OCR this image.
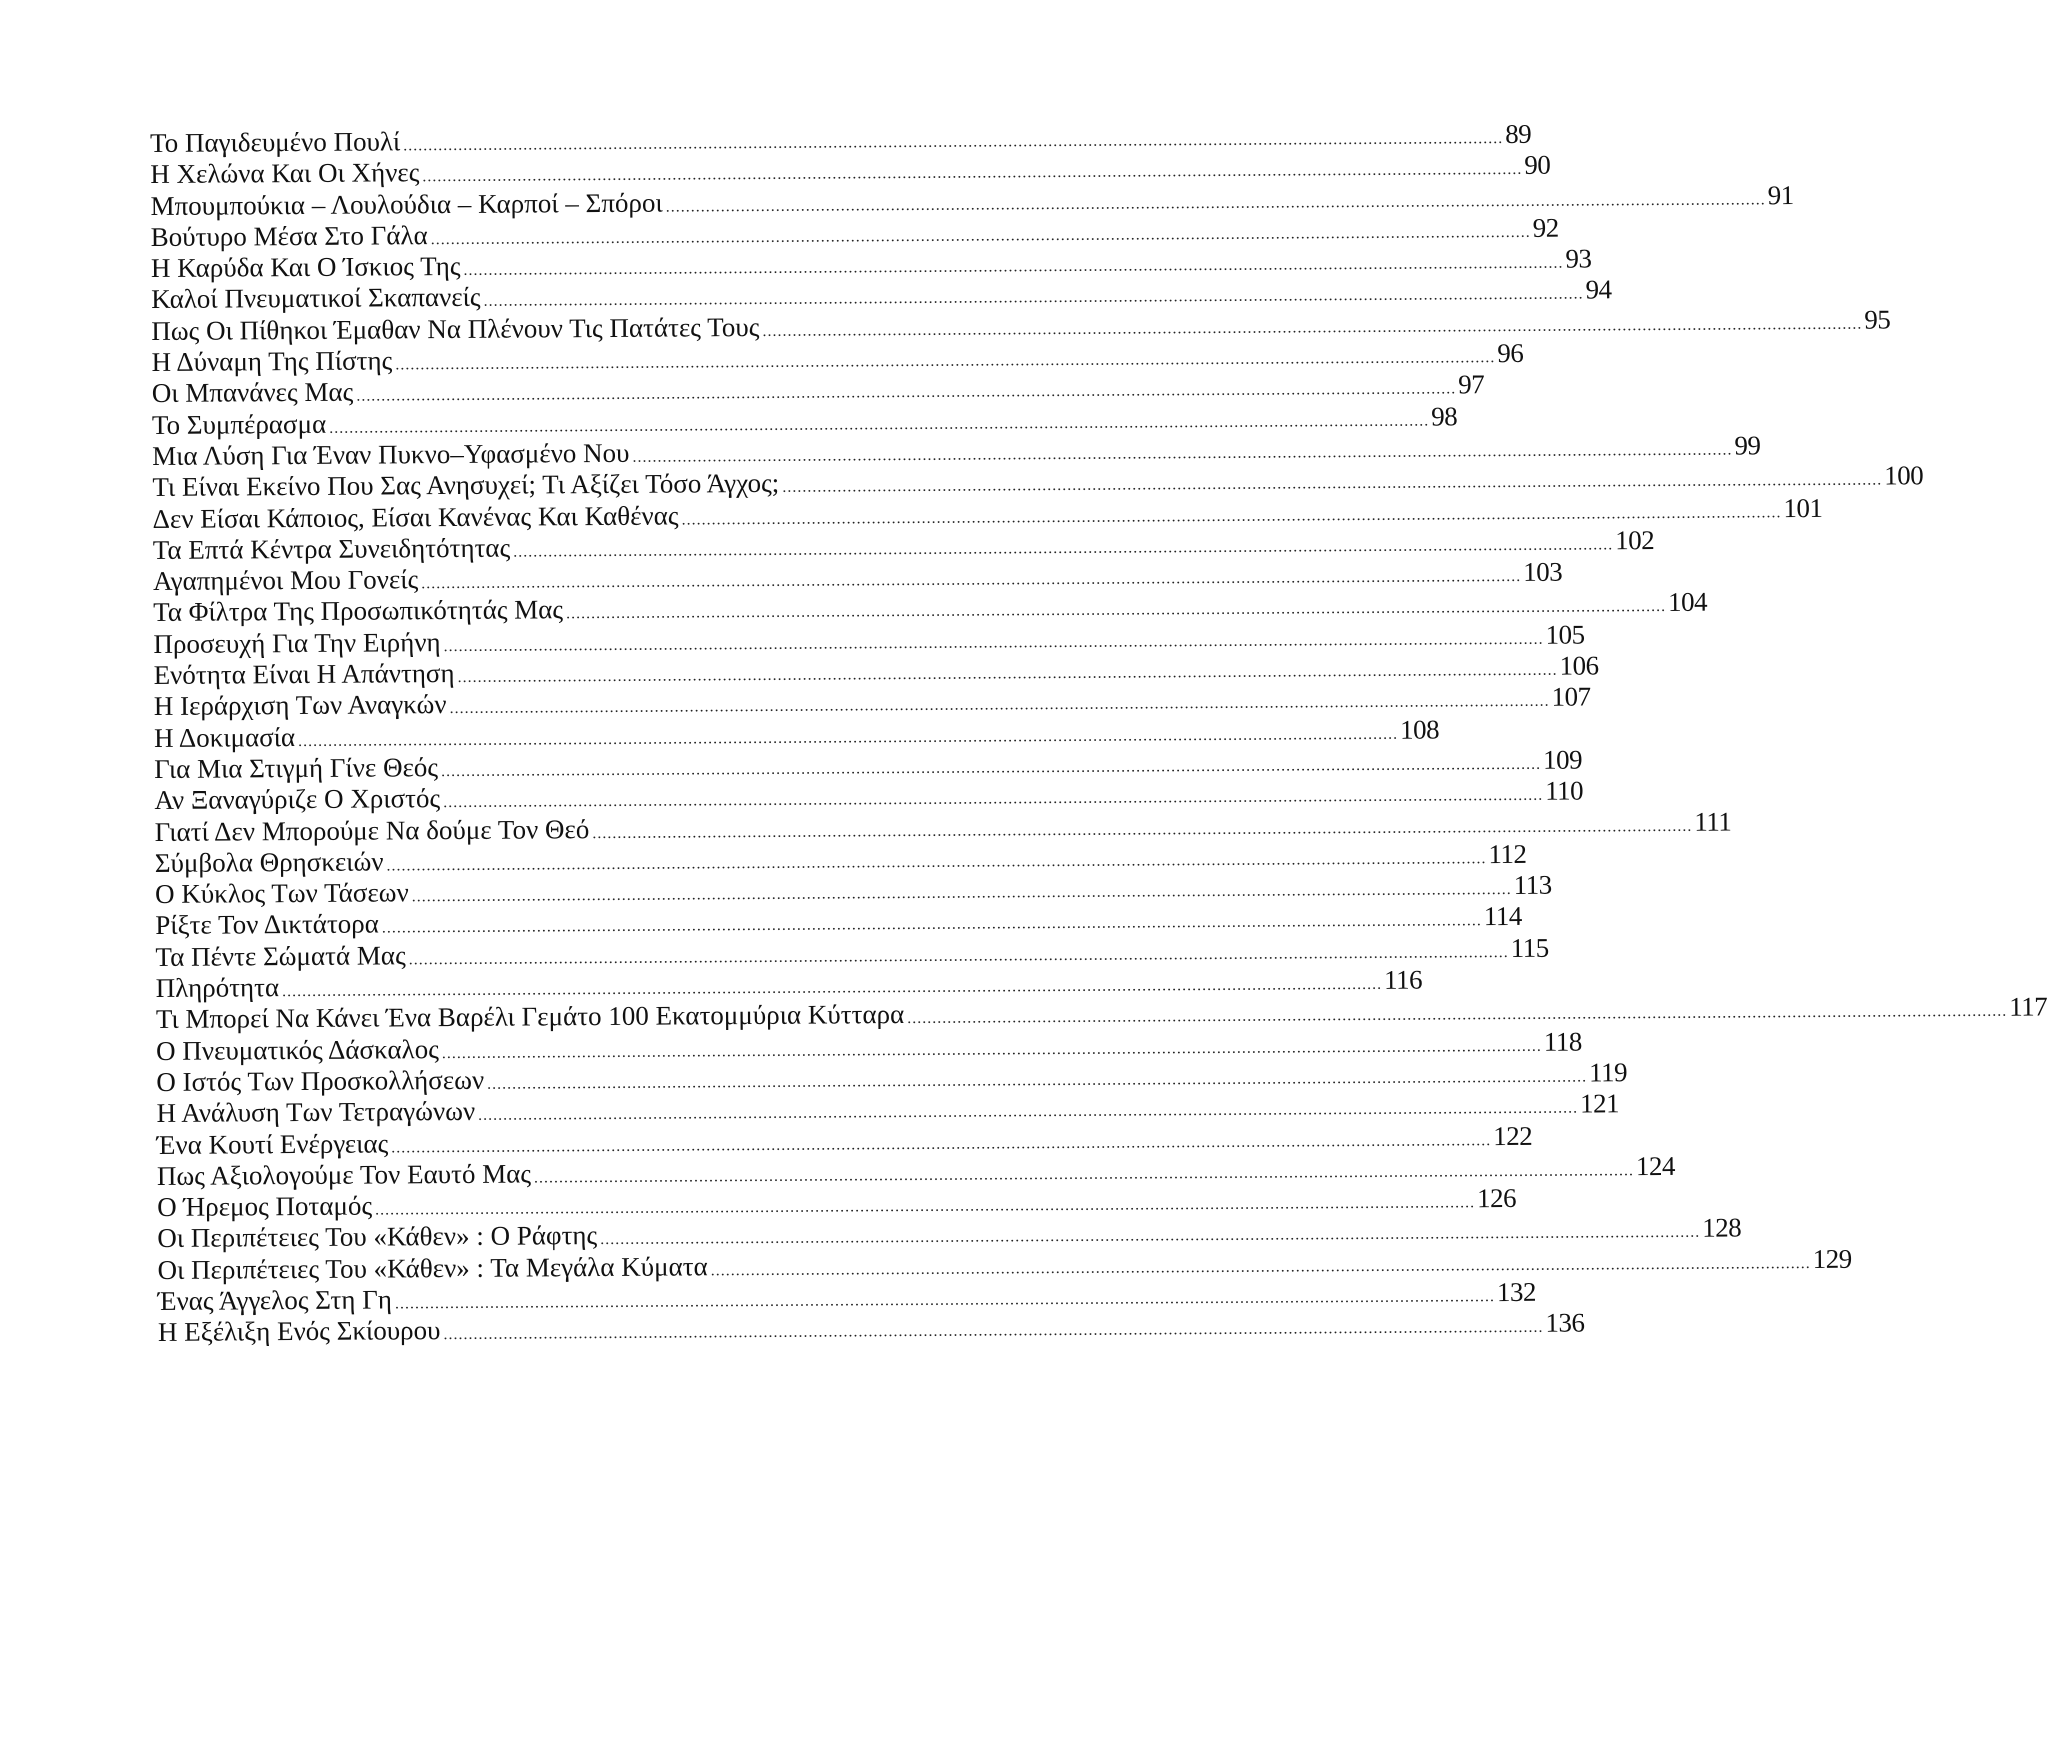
Το Παγιδευμένο Πουλί ............................................................................................................................................................................................................................ 89
Η Χελώνα Και Οι Χήνες ............................................................................................................................................................................................................................ 90
Μπουμπούκια – Λουλούδια – Καρποί – Σπόροι ............................................................................................................................................................................................................................ 91
Βούτυρο Μέσα Στο Γάλα ............................................................................................................................................................................................................................ 92
Η Καρύδα Και Ο Ίσκιος Της ............................................................................................................................................................................................................................ 93
Καλοί Πνευματικοί Σκαπανείς ............................................................................................................................................................................................................................ 94
Πως Οι Πίθηκοι Έμαθαν Να Πλένουν Τις Πατάτες Τους ............................................................................................................................................................................................................................ 95
Η Δύναμη Της Πίστης ............................................................................................................................................................................................................................ 96
Οι Μπανάνες Μας ............................................................................................................................................................................................................................ 97
Το Συμπέρασμα ............................................................................................................................................................................................................................ 98
Μια Λύση Για Έναν Πυκνο–Υφασμένο Νου ............................................................................................................................................................................................................................ 99
Τι Είναι Εκείνο Που Σας Ανησυχεί; Τι Αξίζει Τόσο Άγχος; ............................................................................................................................................................................................................................ 100
Δεν Είσαι Κάποιος, Είσαι Κανένας Και Καθένας ............................................................................................................................................................................................................................ 101
Τα Επτά Κέντρα Συνειδητότητας ............................................................................................................................................................................................................................ 102
Αγαπημένοι Μου Γονείς ............................................................................................................................................................................................................................ 103
Τα Φίλτρα Της Προσωπικότητάς Μας ............................................................................................................................................................................................................................ 104
Προσευχή Για Την Ειρήνη ............................................................................................................................................................................................................................ 105
Ενότητα Είναι Η Απάντηση ............................................................................................................................................................................................................................ 106
Η Ιεράρχιση Των Αναγκών ............................................................................................................................................................................................................................ 107
Η Δοκιμασία ............................................................................................................................................................................................................................ 108
Για Μια Στιγμή Γίνε Θεός ............................................................................................................................................................................................................................ 109
Αν Ξαναγύριζε Ο Χριστός ............................................................................................................................................................................................................................ 110
Γιατί Δεν Μπορούμε Να δούμε Τον Θεό ............................................................................................................................................................................................................................ 111
Σύμβολα Θρησκειών ............................................................................................................................................................................................................................ 112
Ο Κύκλος Των Τάσεων ............................................................................................................................................................................................................................ 113
Ρίξτε Τον Δικτάτορα ............................................................................................................................................................................................................................ 114
Τα Πέντε Σώματά Μας ............................................................................................................................................................................................................................ 115
Πληρότητα ............................................................................................................................................................................................................................ 116
Τι Μπορεί Να Κάνει Ένα Βαρέλι Γεμάτο 100 Εκατομμύρια Κύτταρα ............................................................................................................................................................................................................................ 117
Ο Πνευματικός Δάσκαλος ............................................................................................................................................................................................................................ 118
Ο Ιστός Των Προσκολλήσεων ............................................................................................................................................................................................................................ 119
Η Ανάλυση Των Τετραγώνων ............................................................................................................................................................................................................................ 121
Ένα Κουτί Ενέργειας ............................................................................................................................................................................................................................ 122
Πως Αξιολογούμε Τον Εαυτό Μας ............................................................................................................................................................................................................................ 124
Ο Ήρεμος Ποταμός ............................................................................................................................................................................................................................ 126
Οι Περιπέτειες Του «Κάθεν» : Ο Ράφτης ............................................................................................................................................................................................................................ 128
Οι Περιπέτειες Του «Κάθεν» : Τα Μεγάλα Κύματα ............................................................................................................................................................................................................................ 129
Ένας Άγγελος Στη Γη ............................................................................................................................................................................................................................ 132
Η Εξέλιξη Ενός Σκίουρου ............................................................................................................................................................................................................................ 136
